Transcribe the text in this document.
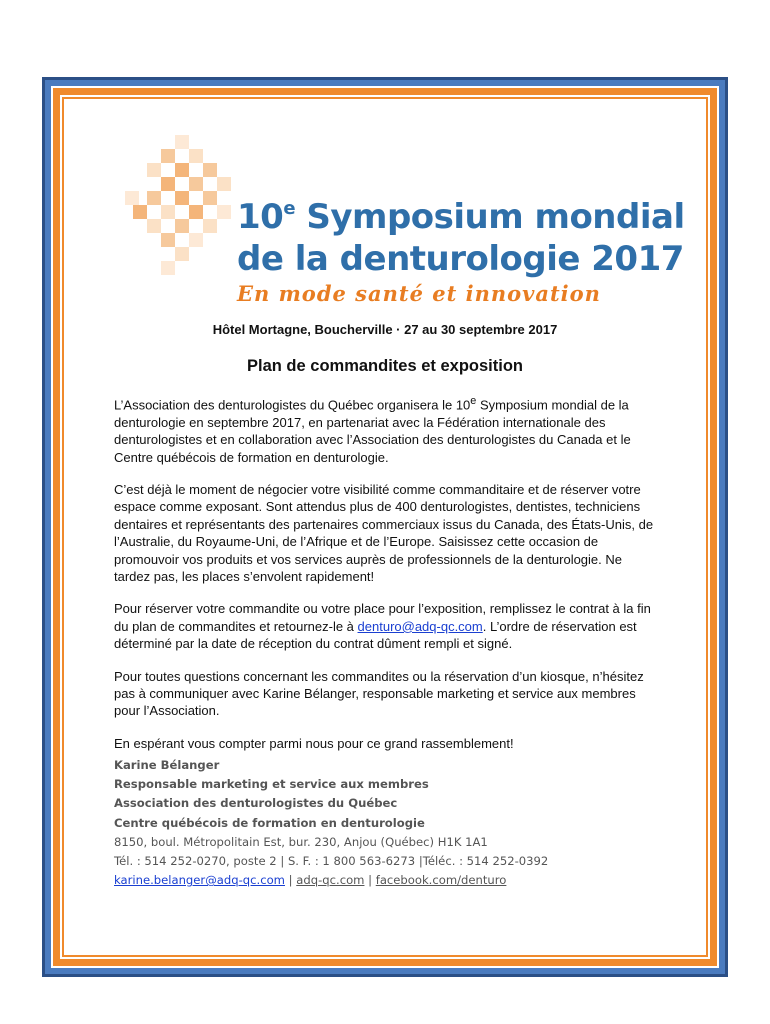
10e Symposium mondial
de la denturologie 2017
En mode santé et innovation
Hôtel Mortagne, Boucherville · 27 au 30 septembre 2017
Plan de commandites et exposition

L’Association des denturologistes du Québec organisera le 10e Symposium mondial de la denturologie en septembre 2017, en partenariat avec la Fédération internationale des denturologistes et en collaboration avec l’Association des denturologistes du Canada et le Centre québécois de formation en denturologie.

C’est déjà le moment de négocier votre visibilité comme commanditaire et de réserver votre espace comme exposant. Sont attendus plus de 400 denturologistes, dentistes, techniciens dentaires et représentants des partenaires commerciaux issus du Canada, des États-Unis, de l’Australie, du Royaume-Uni, de l’Afrique et de l’Europe. Saisissez cette occasion de promouvoir vos produits et vos services auprès de professionnels de la denturologie. Ne tardez pas, les places s’envolent rapidement!

Pour réserver votre commandite ou votre place pour l’exposition, remplissez le contrat à la fin du plan de commandites et retournez-le à denturo@adq-qc.com. L’ordre de réservation est déterminé par la date de réception du contrat dûment rempli et signé.

Pour toutes questions concernant les commandites ou la réservation d’un kiosque, n’hésitez pas à communiquer avec Karine Bélanger, responsable marketing et service aux membres pour l’Association.

En espérant vous compter parmi nous pour ce grand rassemblement!

Karine Bélanger
Responsable marketing et service aux membres
Association des denturologistes du Québec
Centre québécois de formation en denturologie
8150, boul. Métropolitain Est, bur. 230, Anjou (Québec) H1K 1A1
Tél. : 514 252-0270, poste 2 | S. F. : 1 800 563-6273 |Téléc. : 514 252-0392
karine.belanger@adq-qc.com | adq-qc.com | facebook.com/denturo
